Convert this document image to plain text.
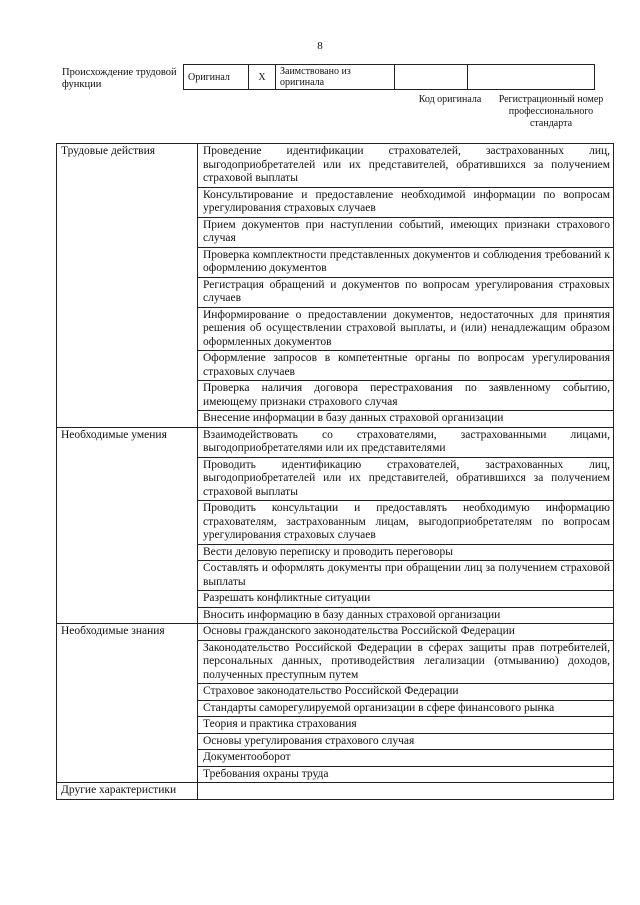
8
Происхождение трудовой функции
Оригинал	X	Заимствовано из оригинала		
Код оригинала	Регистрационный номер профессионального стандарта
Трудовые действия	Проведение идентификации страхователей, застрахованных лиц, выгодоприобретателей или их представителей, обратившихся за получением страховой выплаты
	Консультирование и предоставление необходимой информации по вопросам урегулирования страховых случаев
	Прием документов при наступлении событий, имеющих признаки страхового случая
	Проверка комплектности представленных документов и соблюдения требований к оформлению документов
	Регистрация обращений и документов по вопросам урегулирования страховых случаев
	Информирование о предоставлении документов, недостаточных для принятия решения об осуществлении страховой выплаты, и (или) ненадлежащим образом оформленных документов
	Оформление запросов в компетентные органы по вопросам урегулирования страховых случаев
	Проверка наличия договора перестрахования по заявленному событию, имеющему признаки страхового случая
	Внесение информации в базу данных страховой организации
Необходимые умения	Взаимодействовать со страхователями, застрахованными лицами, выгодоприобретателями или их представителями
	Проводить идентификацию страхователей, застрахованных лиц, выгодоприобретателей или их представителей, обратившихся за получением страховой выплаты
	Проводить консультации и предоставлять необходимую информацию страхователям, застрахованным лицам, выгодоприобретателям по вопросам урегулирования страховых случаев
	Вести деловую переписку и проводить переговоры
	Составлять и оформлять документы при обращении лиц за получением страховой выплаты
	Разрешать конфликтные ситуации
	Вносить информацию в базу данных страховой организации
Необходимые знания	Основы гражданского законодательства Российской Федерации
	Законодательство Российской Федерации в сферах защиты прав потребителей, персональных данных, противодействия легализации (отмыванию) доходов, полученных преступным путем
	Страховое законодательство Российской Федерации
	Стандарты саморегулируемой организации в сфере финансового рынка
	Теория и практика страхования
	Основы урегулирования страхового случая
	Документооборот
	Требования охраны труда
Другие характеристики	
